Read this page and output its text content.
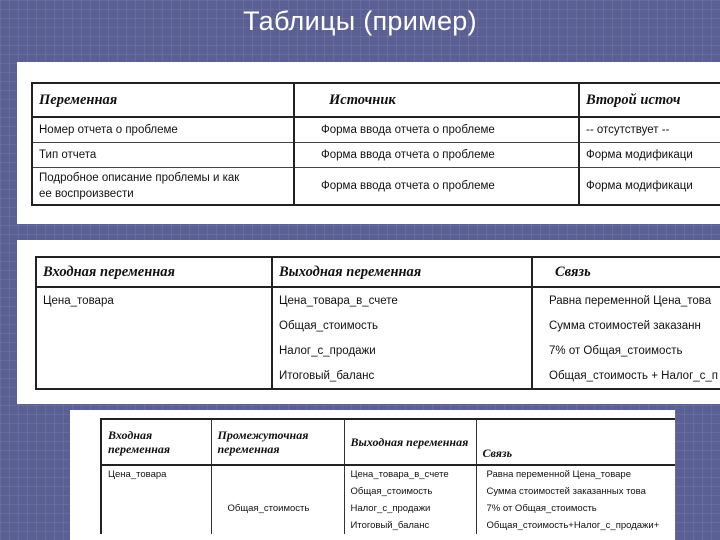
Таблицы (пример)
Переменная	Источник	Второй источ
Номер отчета о проблеме	Форма ввода отчета о проблеме	-- отсутствует --
Тип отчета	Форма ввода отчета о проблеме	Форма модификаци
Подробное описание проблемы и как ее воспроизвести	Форма ввода отчета о проблеме	Форма модификаци
Входная переменная	Выходная переменная	Связь
Цена_товара	Цена_товара_в_счете	Равна переменной Цена_това
	Общая_стоимость	Сумма стоимостей заказанн
	Налог_с_продажи	7% от Общая_стоимость
	Итоговый_баланс	Общая_стоимость + Налог_с_п
Входная переменная	Промежуточная переменная	Выходная переменная	Связь
Цена_товара		Цена_товара_в_счете	Равна переменной Цена_товаре
		Общая_стоимость	Сумма стоимостей заказанных това
	Общая_стоимость	Налог_с_продажи	7% от Общая_стоимость
		Итоговый_баланс	Общая_стоимость+Налог_с_продажи+
